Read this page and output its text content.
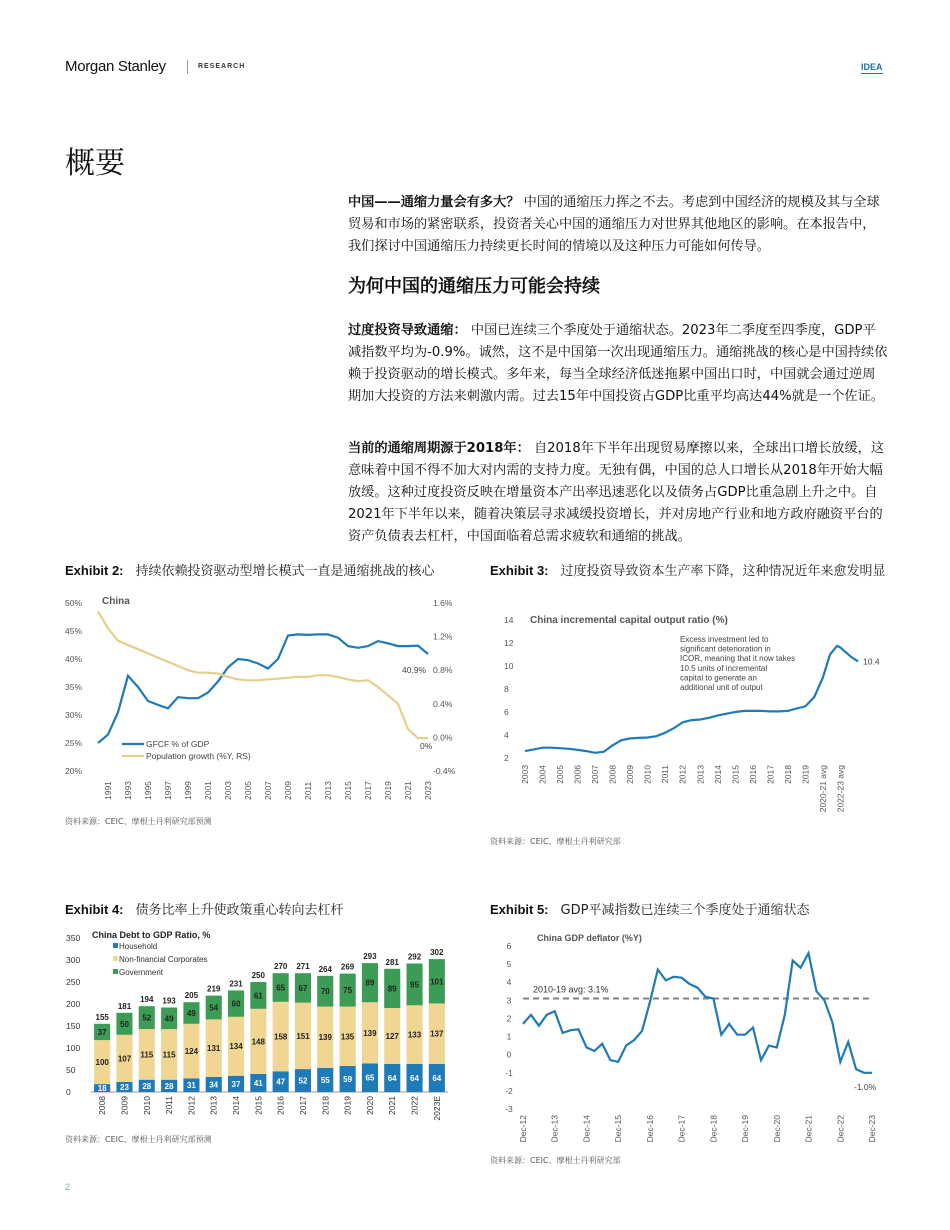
Morgan Stanley	RESEARCH	IDEA
概要

中国——通缩力量会有多大？ 中国的通缩压力挥之不去。考虑到中国经济的规模及其与全球贸易和市场的紧密联系，投资者关心中国的通缩压力对世界其他地区的影响。在本报告中，我们探讨中国通缩压力持续更长时间的情境以及这种压力可能如何传导。

为何中国的通缩压力可能会持续

过度投资导致通缩： 中国已连续三个季度处于通缩状态。2023年二季度至四季度，GDP平减指数平均为-0.9%。诚然，这不是中国第一次出现通缩压力。通缩挑战的核心是中国持续依赖于投资驱动的增长模式。多年来，每当全球经济低迷拖累中国出口时，中国就会通过逆周期加大投资的方法来刺激内需。过去15年中国投资占GDP比重平均高达44%就是一个佐证。

当前的通缩周期源于2018年： 自2018年下半年出现贸易摩擦以来，全球出口增长放缓，这意味着中国不得不加大对内需的支持力度。无独有偶，中国的总人口增长从2018年开始大幅放缓。这种过度投资反映在增量资本产出率迅速恶化以及债务占GDP比重急剧上升之中。自2021年下半年以来，随着决策层寻求减缓投资增长，并对房地产行业和地方政府融资平台的资产负债表去杠杆，中国面临着总需求疲软和通缩的挑战。

Exhibit 2: 持续依赖投资驱动型增长模式一直是通缩挑战的核心
China
50%
45%
40%
35%
30%
25%
20%
1.6%
1.2%
0.8%
0.4%
0.0%
-0.4%
1991 1993 1995 1997 1999 2001 2003 2005 2007 2009 2011 2013 2015 2017 2019 2021 2023
GFCF % of GDP
Population growth (%Y, RS)
40.9%
0%
资料来源：CEIC、摩根士丹利研究部预测
Exhibit 3: 过度投资导致资本生产率下降，这种情况近年来愈发明显
China incremental capital output ratio (%)
14
12
10
8
6
4
2
2003 2004 2005 2006 2007 2008 2009 2010 2011 2012 2013 2014 2015 2016 2017 2018 2019 2020-21 avg 2022-23 avg
Excess investment led to
significant deterioration in
ICOR, meaning that it now takes
10.5 units of incremental
capital to generate an
additional unit of output
10.4
资料来源：CEIC、摩根士丹利研究部
Exhibit 4: 债务比率上升使政策重心转向去杠杆
China Debt to GDP Ratio, %
350
300
250
200
150
100
50
0
Household
Non-financial Corporates
Government
18
100
37
155
2008
23
107
50
181
2009
28
115
52
194
2010
28
115
49
193
2011
31
124
49
205
2012
34
131
54
219
2013
37
134
60
231
2014
41
148
61
250
2015
47
158
65
270
2016
52
151
67
271
2017
55
139
70
264
2018
59
135
75
269
2019
65
139
89
293
2020
64
127
89
281
2021
64
133
95
292
2022
64
137
101
302
2023E
资料来源：CEIC、摩根士丹利研究部预测
Exhibit 5: GDP平减指数已连续三个季度处于通缩状态
China GDP deflator (%Y)
6
5
4
3
2
1
0
-1
-2
-3
2010-19 avg: 3.1%
Dec-12	Dec-13	Dec-14	Dec-15	Dec-16	Dec-17	Dec-18	Dec-19	Dec-20	Dec-21	Dec-22	Dec-23
-1.0%
资料来源：CEIC、摩根士丹利研究部
2
